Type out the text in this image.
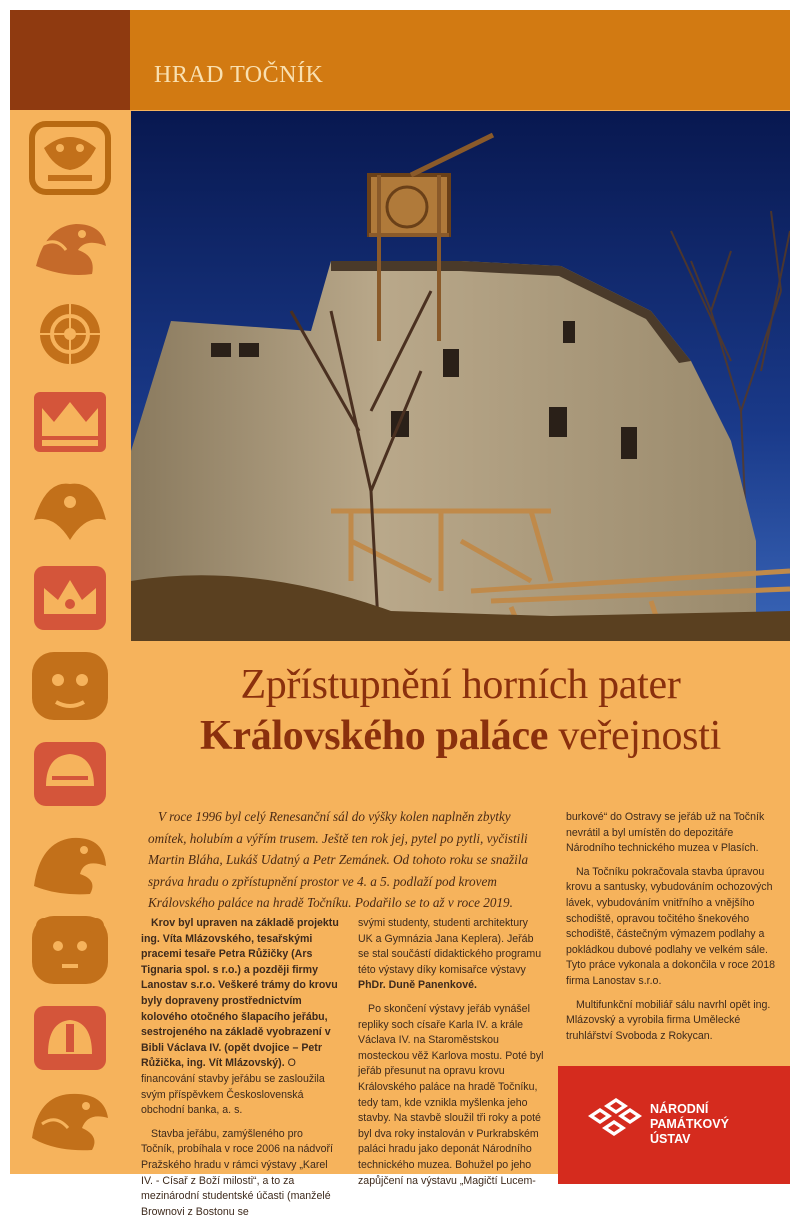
HRAD TOČNÍK
Zpřístupnění horních pater
Královského paláce veřejnosti

V roce 1996 byl celý Renesanční sál do výšky kolen naplněn zbytky omítek, holubím a výřím trusem. Ještě ten rok jej, pytel po pytli, vyčistili Martin Bláha, Lukáš Udatný a Petr Zemánek. Od tohoto roku se snažila správa hradu o zpřístupnění prostor ve 4. a 5. podlaží pod krovem Královského paláce na hradě Točníku. Podařilo se to až v roce 2019.

Krov byl upraven na základě projektu ing. Víta Mlázovského, tesařskými pracemi tesaře Petra Růžičky (Ars Tignaria spol. s r.o.) a později firmy Lanostav s.r.o. Veškeré trámy do krovu byly dopraveny prostřednictvím kolového otočného šlapacího jeřábu, sestrojeného na základě vyobrazení v Bibli Václava IV. (opět dvojice – Petr Růžička, ing. Vít Mlázovský). O financování stavby jeřábu se zasloužila svým příspěvkem Československá obchodní banka, a. s.

Stavba jeřábu, zamýšleného pro Točník, probíhala v roce 2006 na nádvoří Pražského hradu v rámci výstavy „Karel IV. - Císař z Boží milosti“, a to za mezinárodní studentské účasti (manželé Brownovi z Bostonu se

svými studenty, studenti architektury UK a Gymnázia Jana Keplera). Jeřáb se stal součástí didaktického programu této výstavy díky komisařce výstavy PhDr. Duně Panenkové.

Po skončení výstavy jeřáb vynášel repliky soch císaře Karla IV. a krále Václava IV. na Staroměstskou mosteckou věž Karlova mostu. Poté byl jeřáb přesunut na opravu krovu Královského paláce na hradě Točníku, tedy tam, kde vznikla myšlenka jeho stavby. Na stavbě sloužil tři roky a poté byl dva roky instalován v Purkrabském paláci hradu jako deponát Národního technického muzea. Bohužel po jeho zapůjčení na výstavu „Magičtí Lucem-

burkové“ do Ostravy se jeřáb už na Točník nevrátil a byl umístěn do depozitáře Národního technického muzea v Plasích.

Na Točníku pokračovala stavba úpravou krovu a santusky, vybudováním ochozových lávek, vybudováním vnitřního a vnějšího schodiště, opravou točitého šnekového schodiště, částečným výmazem podlahy a pokládkou dubové podlahy ve velkém sále. Tyto práce vykonala a dokončila v roce 2018 firma Lanostav s.r.o.

Multifunkční mobiliář sálu navrhl opět ing. Mlázovský a vyrobila firma Umělecké truhlářství Svoboda z Rokycan.

NÁRODNÍ
PAMÁTKOVÝ
ÚSTAV
